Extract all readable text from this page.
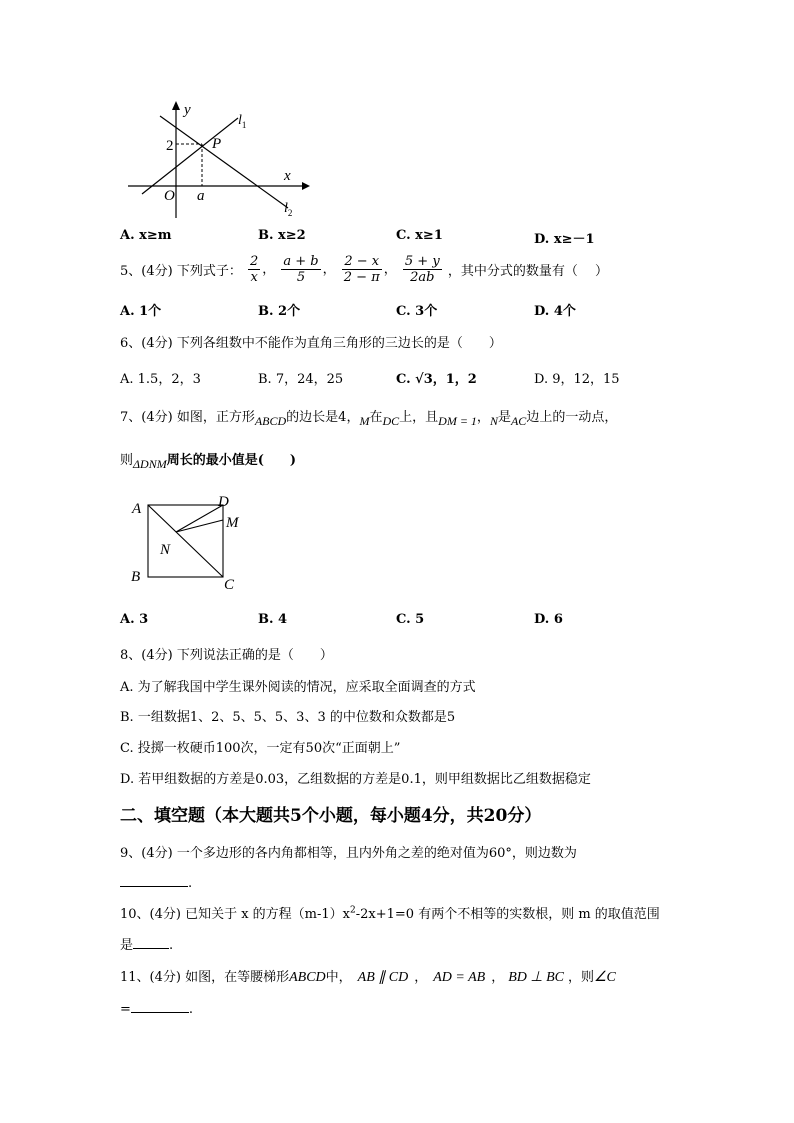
y
x
O
2
a
P
$l_1$
$l_2$
A. x≥m	B. x≥2	C. x≥1	D. x≥－1
5、(4分) 下列式子： $\frac{2}{x}$ ， $\frac{a + b}{5}$ ， $\frac{2 - x}{2 - \pi}$ ， $\frac{5 + y}{2ab}$ ，其中分式的数量有（　 ）
A. 1个	B. 2个	C. 3个	D. 4个
6、(4分) 下列各组数中不能作为直角三角形的三边长的是（　　）
A. 1.5，2，3	B. 7，24，25	C. √3，1，2	D. 9，12，15
7、(4分) 如图，正方形ABCD的边长是4，M在DC上，且DM = 1，N是AC边上的一动点，
则ΔDNM周长的最小值是(　　)
A	D
M
N
B	C
A. 3	B. 4	C. 5	D. 6
8、(4分) 下列说法正确的是（　　）
A. 为了解我国中学生课外阅读的情况，应采取全面调查的方式
B. 一组数据1、2、5、5、5、3、3 的中位数和众数都是5
C. 投掷一枚硬币100次，一定有50次“正面朝上”
D. 若甲组数据的方差是0.03，乙组数据的方差是0.1，则甲组数据比乙组数据稳定
二、填空题（本大题共5个小题，每小题4分，共20分）
9、(4分) 一个多边形的各内角都相等，且内外角之差的绝对值为60°，则边数为
.
10、(4分) 已知关于 x 的方程$(m-1)x^2-2x+1=0$ 有两个不相等的实数根，则 m 的取值范围
是	.
11、(4分) 如图，在等腰梯形ABCD中， AB ∥ CD ， AD = AB ， BD ⊥ BC ，则∠C
=	.
